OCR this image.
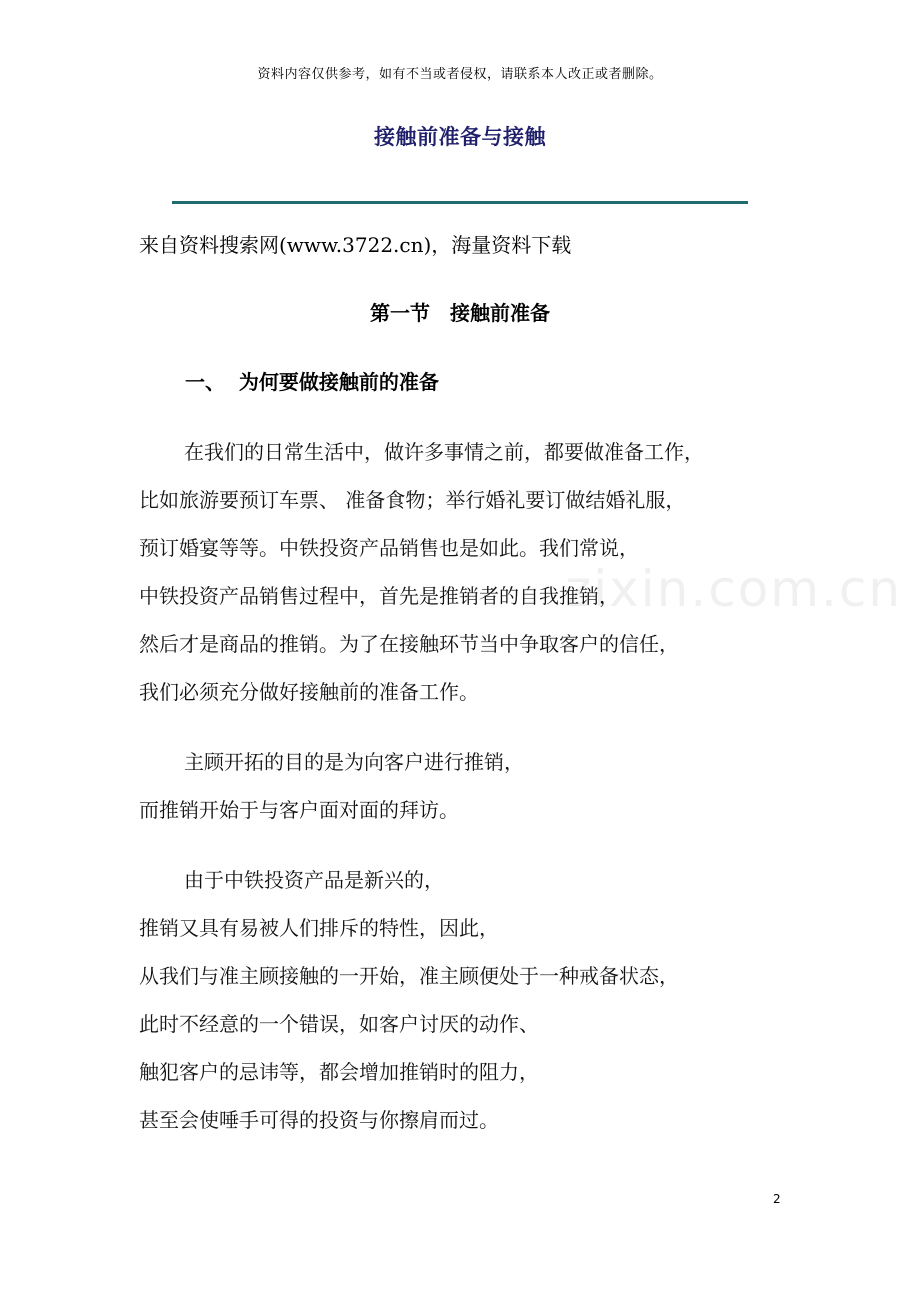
资料内容仅供参考，如有不当或者侵权，请联系本人改正或者删除。
接触前准备与接触
来自资料搜索网(www.3722.cn)，海量资料下载
第一节　接触前准备
一、  为何要做接触前的准备
zixin.com.cn
在我们的日常生活中，做许多事情之前，都要做准备工作，
比如旅游要预订车票、 准备食物；举行婚礼要订做结婚礼服，
预订婚宴等等。中铁投资产品销售也是如此。我们常说，
中铁投资产品销售过程中，首先是推销者的自我推销，
然后才是商品的推销。为了在接触环节当中争取客户的信任，
我们必须充分做好接触前的准备工作。
主顾开拓的目的是为向客户进行推销，
而推销开始于与客户面对面的拜访。
由于中铁投资产品是新兴的，
推销又具有易被人们排斥的特性，因此，
从我们与准主顾接触的一开始，准主顾便处于一种戒备状态，
此时不经意的一个错误，如客户讨厌的动作、
触犯客户的忌讳等，都会增加推销时的阻力，
甚至会使唾手可得的投资与你擦肩而过。
2
